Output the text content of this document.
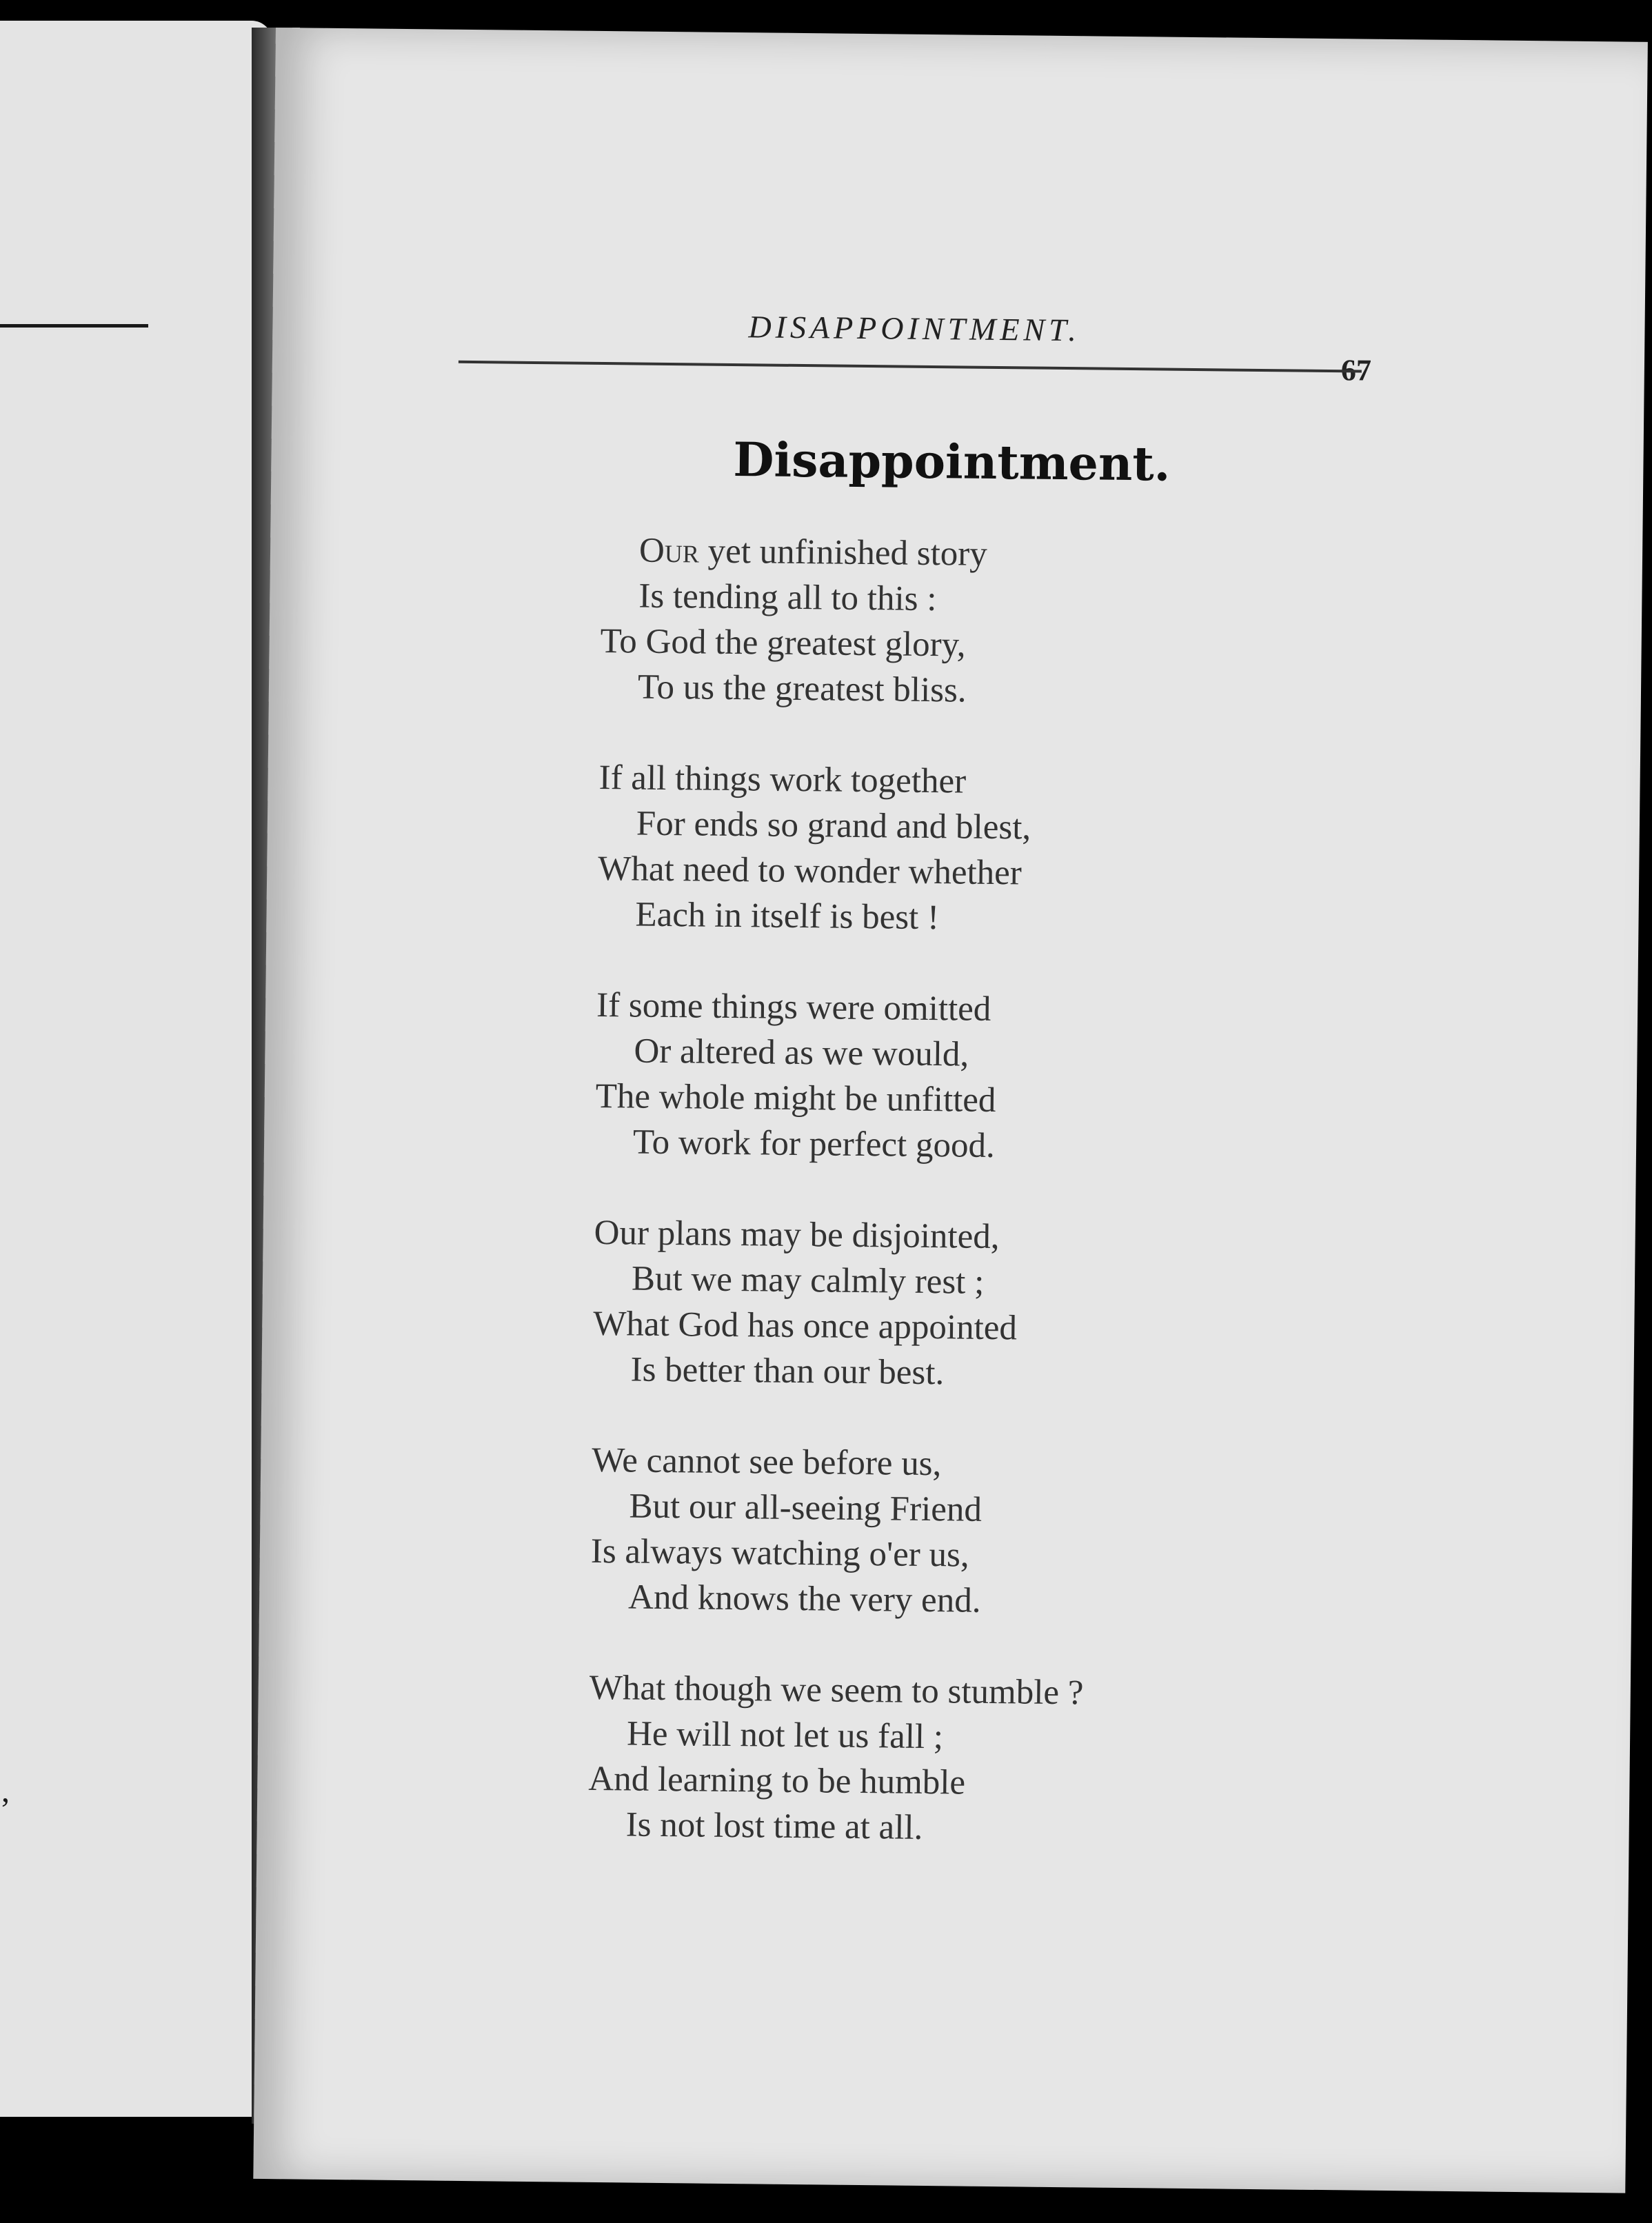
,
DISAPPOINTMENT.
67
Disappointment.
Our yet unfinished story
Is tending all to this :
To God the greatest glory,
To us the greatest bliss.
If all things work together
For ends so grand and blest,
What need to wonder whether
Each in itself is best !
If some things were omitted
Or altered as we would,
The whole might be unfitted
To work for perfect good.
Our plans may be disjointed,
But we may calmly rest ;
What God has once appointed
Is better than our best.
We cannot see before us,
But our all-seeing Friend
Is always watching o'er us,
And knows the very end.
What though we seem to stumble ?
He will not let us fall ;
And learning to be humble
Is not lost time at all.
